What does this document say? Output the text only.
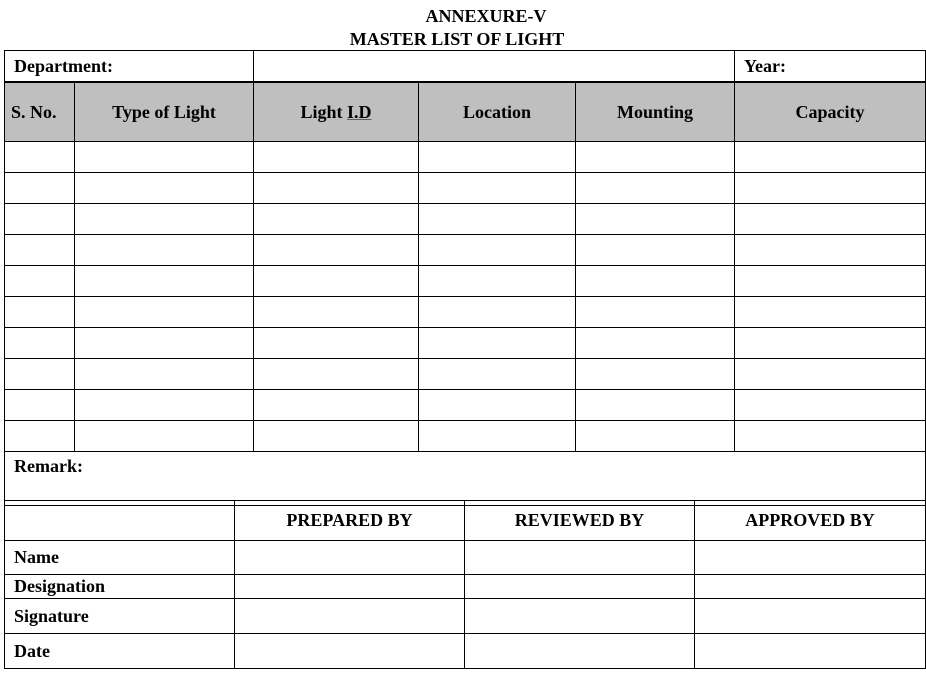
ANNEXURE-V
MASTER LIST OF LIGHT
Department:					Year:
S. No.	Type of Light	Light I.D	Location	Mounting	Capacity

Remark:					
	PREPARED BY	REVIEWED BY	APPROVED BY
Name			
Designation			
Signature			
Date			
